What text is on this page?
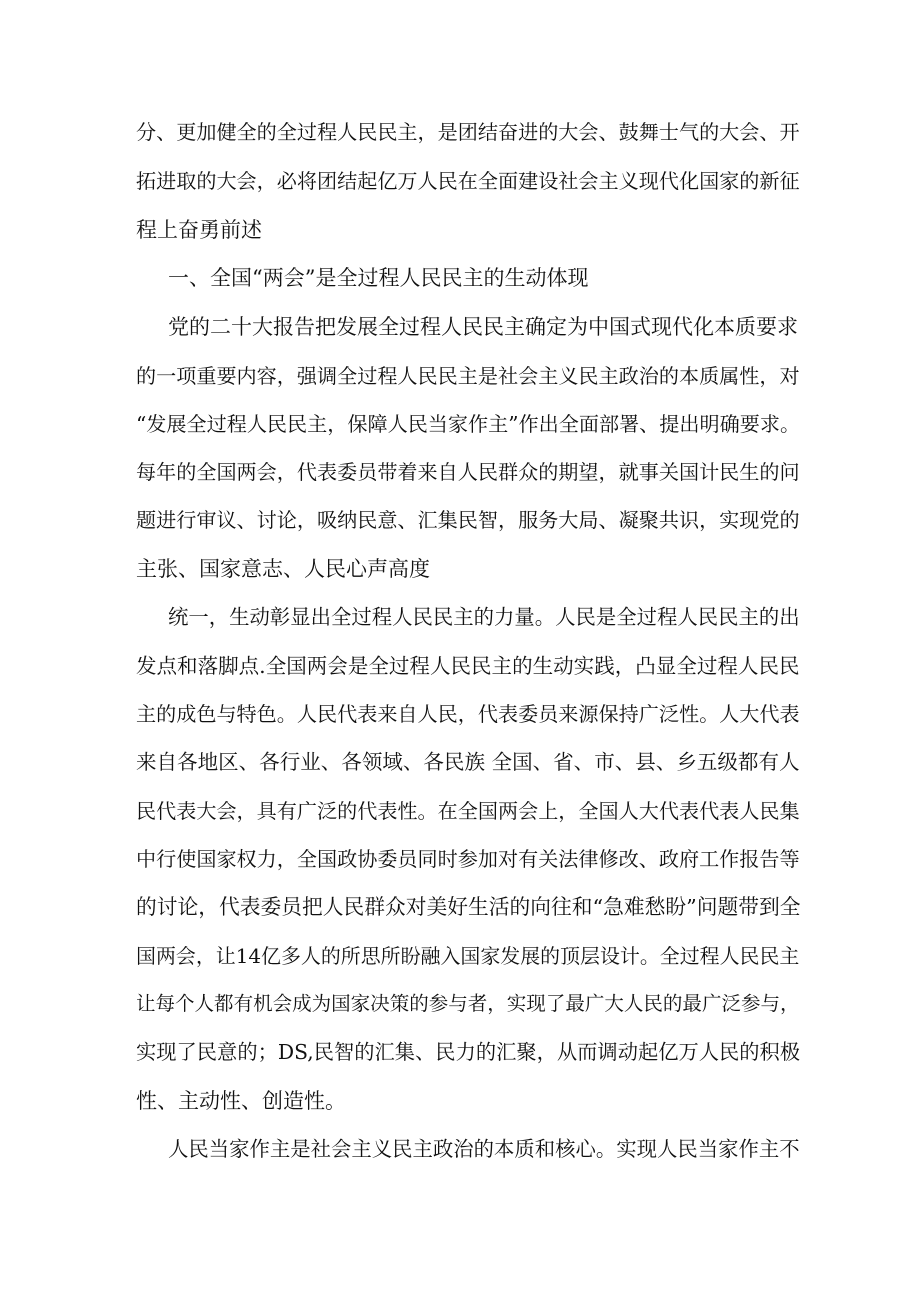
分、更加健全的全过程人民民主，是团结奋进的大会、鼓舞士气的大会、开
拓进取的大会，必将团结起亿万人民在全面建设社会主义现代化国家的新征
程上奋勇前述
一、全国“两会”是全过程人民民主的生动体现
党的二十大报告把发展全过程人民民主确定为中国式现代化本质要求
的一项重要内容，强调全过程人民民主是社会主义民主政治的本质属性，对
“发展全过程人民民主，保障人民当家作主”作出全面部署、提出明确要求。
每年的全国两会，代表委员带着来自人民群众的期望，就事关国计民生的问
题进行审议、讨论，吸纳民意、汇集民智，服务大局、凝聚共识，实现党的
主张、国家意志、人民心声高度
统一，生动彰显出全过程人民民主的力量。人民是全过程人民民主的出
发点和落脚点.全国两会是全过程人民民主的生动实践，凸显全过程人民民
主的成色与特色。人民代表来自人民，代表委员来源保持广泛性。人大代表
来自各地区、各行业、各领域、各民族 全国、省、市、县、乡五级都有人
民代表大会，具有广泛的代表性。在全国两会上，全国人大代表代表人民集
中行使国家权力，全国政协委员同时参加对有关法律修改、政府工作报告等
的讨论，代表委员把人民群众对美好生活的向往和“急难愁盼”问题带到全
国两会，让14亿多人的所思所盼融入国家发展的顶层设计。全过程人民民主
让每个人都有机会成为国家决策的参与者，实现了最广大人民的最广泛参与，
实现了民意的；DS,民智的汇集、民力的汇聚，从而调动起亿万人民的积极
性、主动性、创造性。
人民当家作主是社会主义民主政治的本质和核心。实现人民当家作主不
